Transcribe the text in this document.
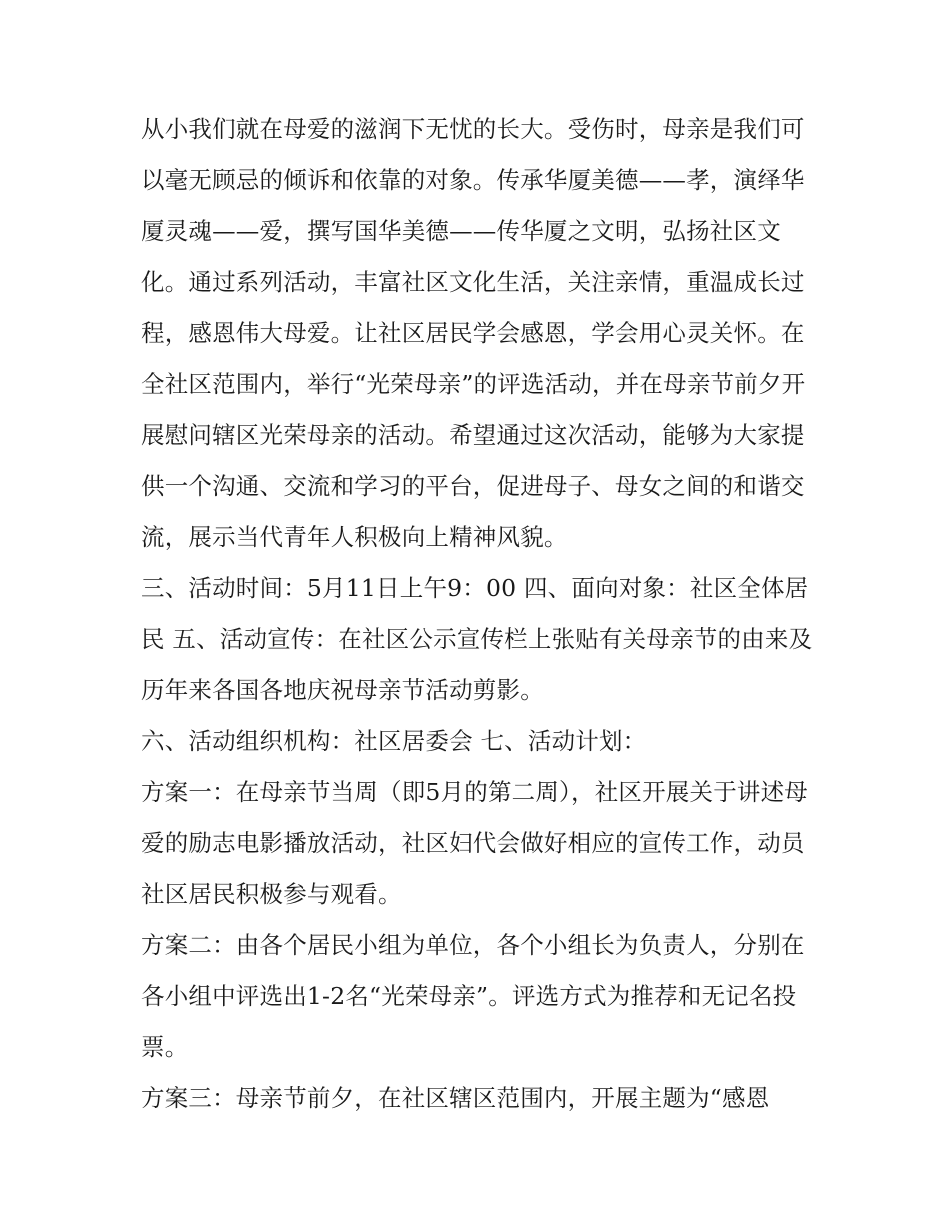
从小我们就在母爱的滋润下无忧的长大。受伤时，母亲是我们可以毫无顾忌的倾诉和依靠的对象。传承华厦美德——孝，演绎华厦灵魂——爱，撰写国华美德——传华厦之文明，弘扬社区文化。通过系列活动，丰富社区文化生活，关注亲情，重温成长过程，感恩伟大母爱。让社区居民学会感恩，学会用心灵关怀。在全社区范围内，举行“光荣母亲”的评选活动，并在母亲节前夕开展慰问辖区光荣母亲的活动。希望通过这次活动，能够为大家提供一个沟通、交流和学习的平台，促进母子、母女之间的和谐交流，展示当代青年人积极向上精神风貌。

三、活动时间：5月11日上午9：00 四、面向对象：社区全体居民 五、活动宣传：在社区公示宣传栏上张贴有关母亲节的由来及历年来各国各地庆祝母亲节活动剪影。

六、活动组织机构：社区居委会 七、活动计划：

方案一：在母亲节当周（即5月的第二周），社区开展关于讲述母爱的励志电影播放活动，社区妇代会做好相应的宣传工作，动员社区居民积极参与观看。

方案二：由各个居民小组为单位，各个小组长为负责人，分别在各小组中评选出1-2名“光荣母亲”。评选方式为推荐和无记名投票。

方案三：母亲节前夕，在社区辖区范围内，开展主题为“感恩
